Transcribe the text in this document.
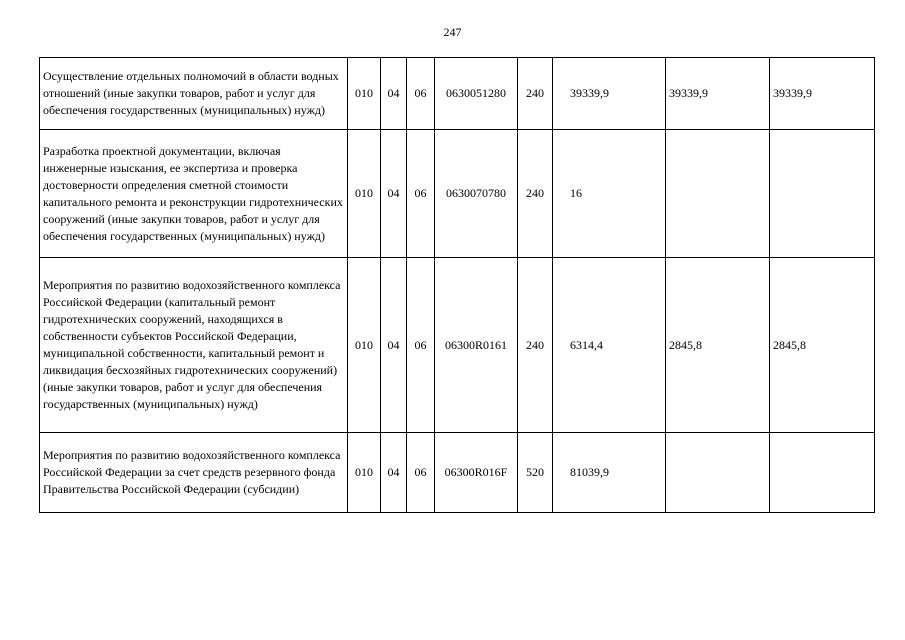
247
Осуществление отдельных полномочий в области водных отношений (иные закупки товаров, работ и услуг для обеспечения государственных (муниципальных) нужд)	010	04	06	0630051280	240	39339,9	39339,9	39339,9
Разработка проектной документации, включая инженерные изыскания, ее экспертиза и проверка достоверности определения сметной стоимости капитального ремонта и реконструкции гидротехнических сооружений (иные закупки товаров, работ и услуг для обеспечения государственных (муниципальных) нужд)	010	04	06	0630070780	240	16		
Мероприятия по развитию водохозяйственного комплекса Российской Федерации (капитальный ремонт гидротехнических сооружений, находящихся в собственности субъектов Российской Федерации, муниципальной собственности, капитальный ремонт и ликвидация бесхозяйных гидротехнических сооружений) (иные закупки товаров, работ и услуг для обеспечения государственных (муниципальных) нужд)	010	04	06	06300R0161	240	6314,4	2845,8	2845,8
Мероприятия по развитию водохозяйственного комплекса Российской Федерации за счет средств резервного фонда Правительства Российской Федерации (субсидии)	010	04	06	06300R016F	520	81039,9		
